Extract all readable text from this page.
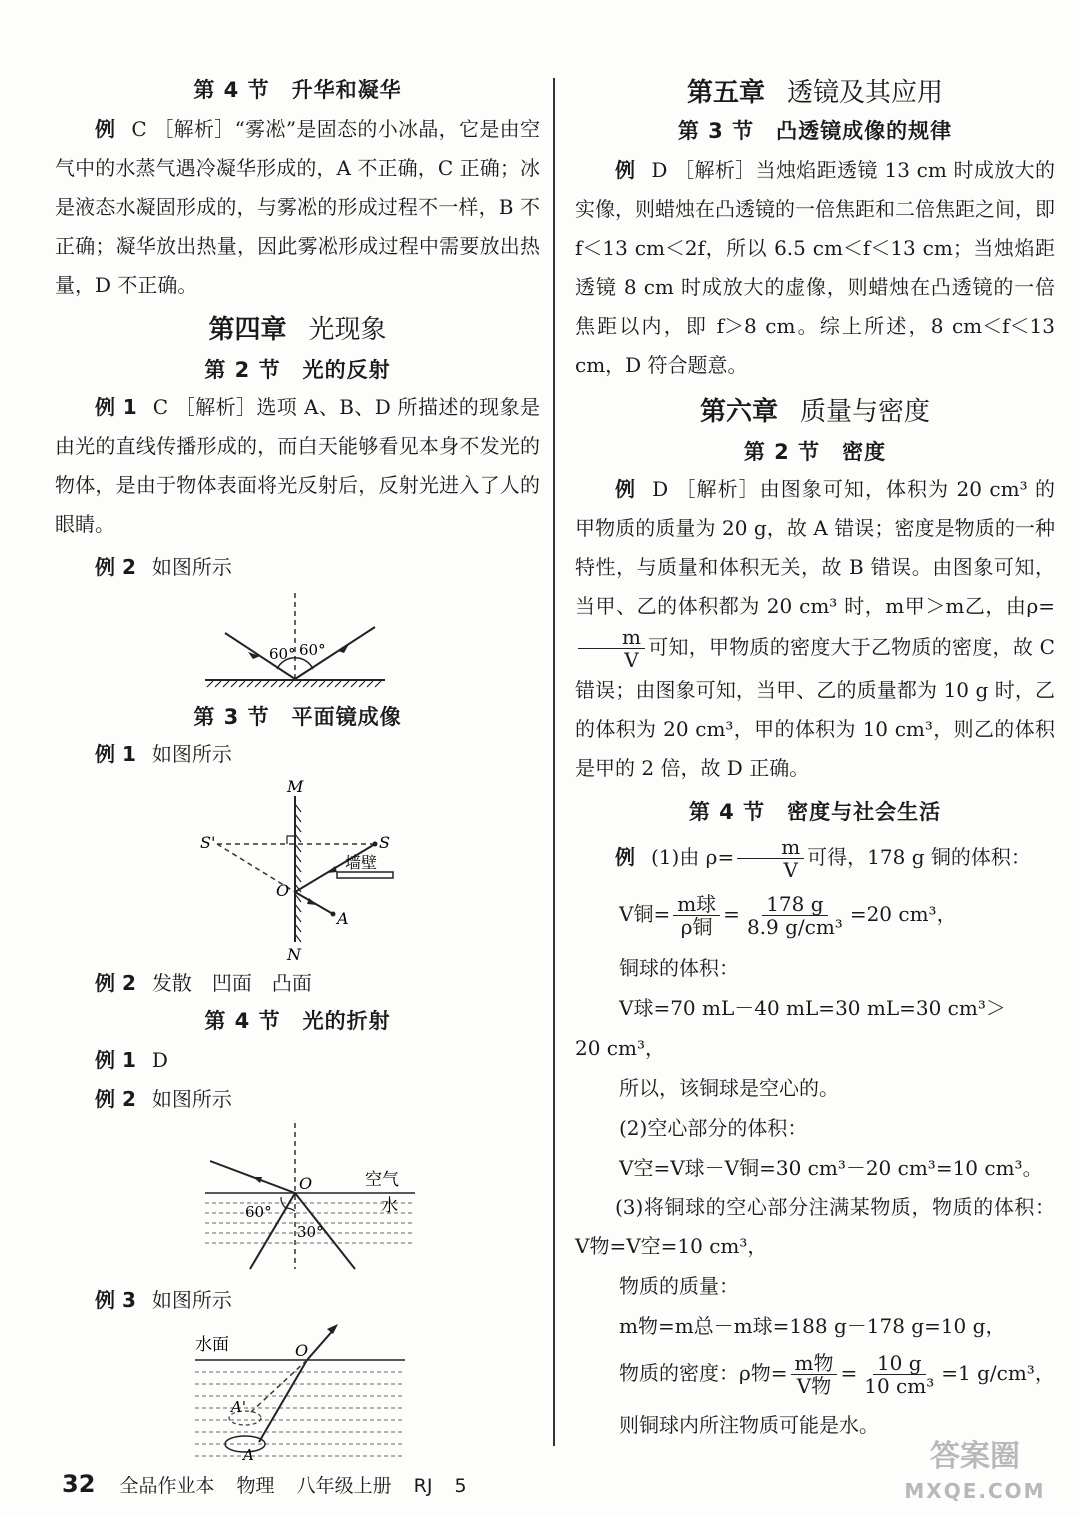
第 4 节　升华和凝华

例 C ［解析］“雾凇”是固态的小冰晶，它是由空气中的水蒸气遇冷凝华形成的，A 不正确，C 正确；冰是液态水凝固形成的，与雾凇的形成过程不一样，B 不正确；凝华放出热量，因此雾凇形成过程中需要放出热量，D 不正确。

第四章 光现象
第 2 节　光的反射

例 1 C ［解析］选项 A、B、D 所描述的现象是由光的直线传播形成的，而白天能够看见本身不发光的物体，是由于物体表面将光反射后，反射光进入了人的眼睛。

例 2 如图所示

60° 60°
第 3 节　平面镜成像

例 1 如图所示

M
N
S'	S
A
O
墙壁

例 2 发散　凹面　凸面

第 4 节　光的折射

例 1 D

例 2 如图所示

O	空气
水
60°
30°

例 3 如图所示

水面	O
A'
A
第五章 透镜及其应用
第 3 节　凸透镜成像的规律

例 D ［解析］当烛焰距透镜 13 cm 时成放大的实像，则蜡烛在凸透镜的一倍焦距和二倍焦距之间，即 f＜13 cm＜2f，所以 6.5 cm＜f＜13 cm；当烛焰距透镜 8 cm 时成放大的虚像，则蜡烛在凸透镜的一倍焦距以内，即 f＞8 cm。综上所述，8 cm＜f＜13 cm，D 符合题意。

第六章 质量与密度
第 2 节　密度

例 D ［解析］由图象可知，体积为 20 cm³ 的甲物质的质量为 20 g，故 A 错误；密度是物质的一种特性，与质量和体积无关，故 B 错误。由图象可知，当甲、乙的体积都为 20 cm³ 时，m甲＞m乙，由ρ=
$\frac{m}{V}$ 可知，甲物质的密度大于乙物质的密度，故 C 错误；由图象可知，当甲、乙的质量都为 10 g 时，乙的体积为 20 cm³，甲的体积为 10 cm³，则乙的体积是甲的 2 倍，故 D 正确。

第 4 节　密度与社会生活

例 (1)由 $\rho= \frac{m}{V}$ 可得，178 g 铜的体积：

V铜= $\frac{\text{m球}}{\text{ρ铜}} = \frac{178 g}{\text{8.9 g/cm³}} =20$ cm³，
铜球的体积：
V球=70 mL－40 mL=30 mL=30 cm³＞
20 cm³，
所以，该铜球是空心的。
(2)空心部分的体积：
V空=V球－V铜=30 cm³－20 cm³=10 cm³。

(3)将铜球的空心部分注满某物质，物质的体积：V物=V空=10 cm³，

物质的质量：
m物=m总－m球=188 g－178 g=10 g，
物质的密度：ρ物= $\frac{\text{m物}}{\text{V物}} = \frac{10 g}{\text{10 cm³}} =1$ g/cm³，
则铜球内所注物质可能是水。
32 全品作业本 物理 八年级上册 RJ 5
答案圈
MXQE.COM
